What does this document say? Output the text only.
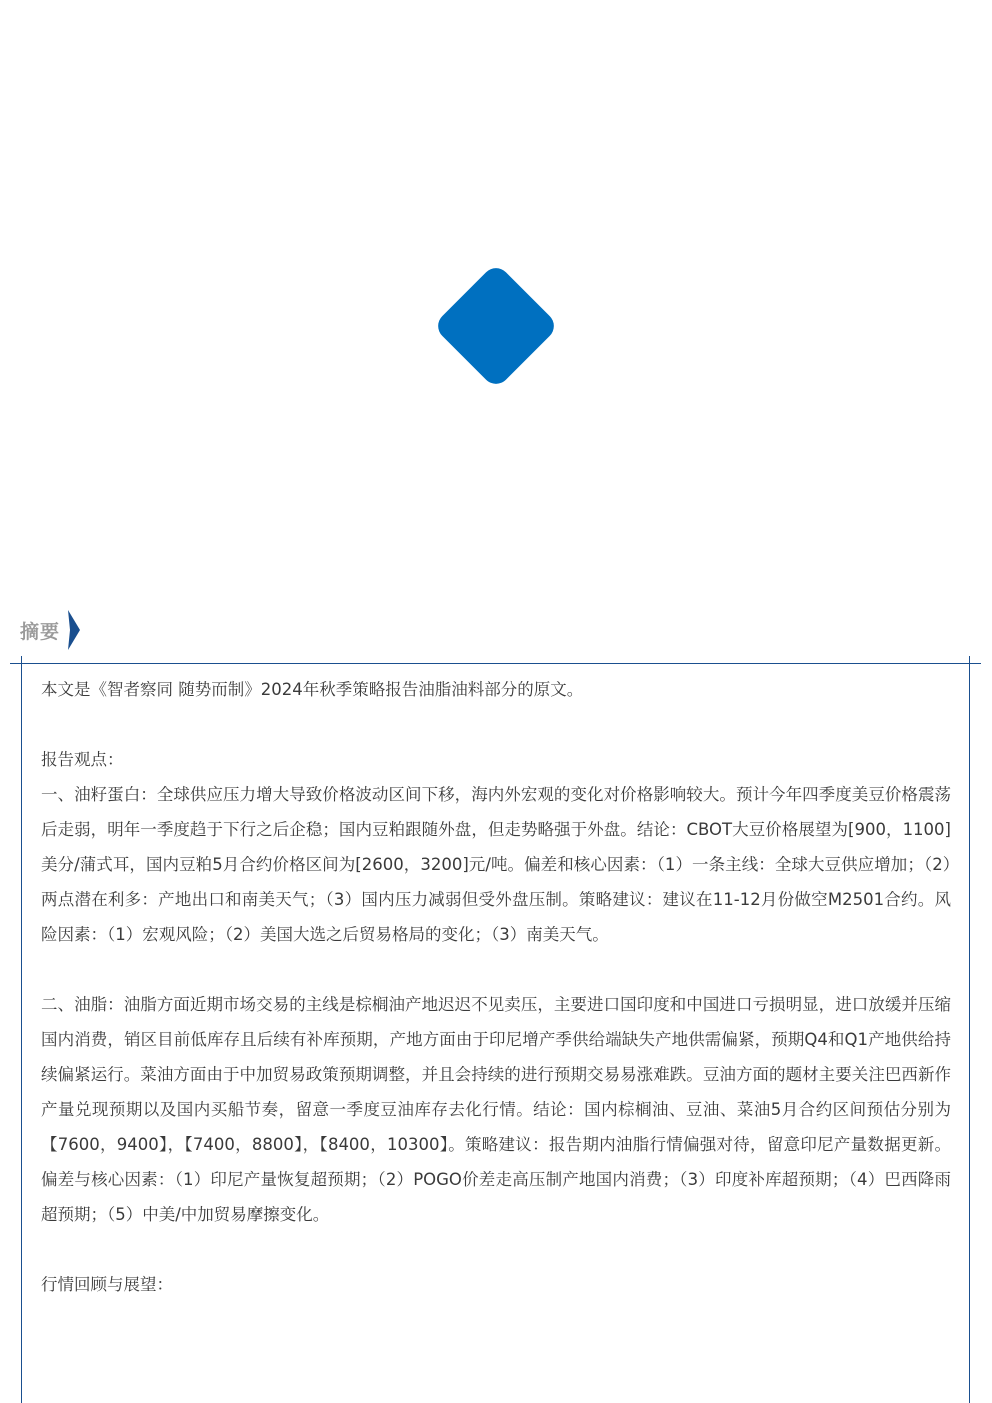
摘要

本文是《智者察同 随势而制》2024年秋季策略报告油脂油料部分的原文。

报告观点：

一、油籽蛋白：全球供应压力增大导致价格波动区间下移，海内外宏观的变化对价格影响较大。预计今年四季度美豆价格震荡后走弱，明年一季度趋于下行之后企稳；国内豆粕跟随外盘，但走势略强于外盘。结论：CBOT大豆价格展望为[900，1100]美分/蒲式耳，国内豆粕5月合约价格区间为[2600，3200]元/吨。偏差和核心因素：（1）一条主线：全球大豆供应增加；（2）两点潜在利多：产地出口和南美天气；（3）国内压力减弱但受外盘压制。策略建议：建议在11-12月份做空M2501合约。风险因素：（1）宏观风险；（2）美国大选之后贸易格局的变化；（3）南美天气。

二、油脂：油脂方面近期市场交易的主线是棕榈油产地迟迟不见卖压，主要进口国印度和中国进口亏损明显，进口放缓并压缩国内消费，销区目前低库存且后续有补库预期，产地方面由于印尼增产季供给端缺失产地供需偏紧，预期Q4和Q1产地供给持续偏紧运行。菜油方面由于中加贸易政策预期调整，并且会持续的进行预期交易易涨难跌。豆油方面的题材主要关注巴西新作产量兑现预期以及国内买船节奏，留意一季度豆油库存去化行情。结论：国内棕榈油、豆油、菜油5月合约区间预估分别为【7600，9400】，【7400，8800】，【8400，10300】。策略建议：报告期内油脂行情偏强对待，留意印尼产量数据更新。偏差与核心因素：（1）印尼产量恢复超预期；（2）POGO价差走高压制产地国内消费；（3）印度补库超预期；（4）巴西降雨超预期；（5）中美/中加贸易摩擦变化。

行情回顾与展望：
